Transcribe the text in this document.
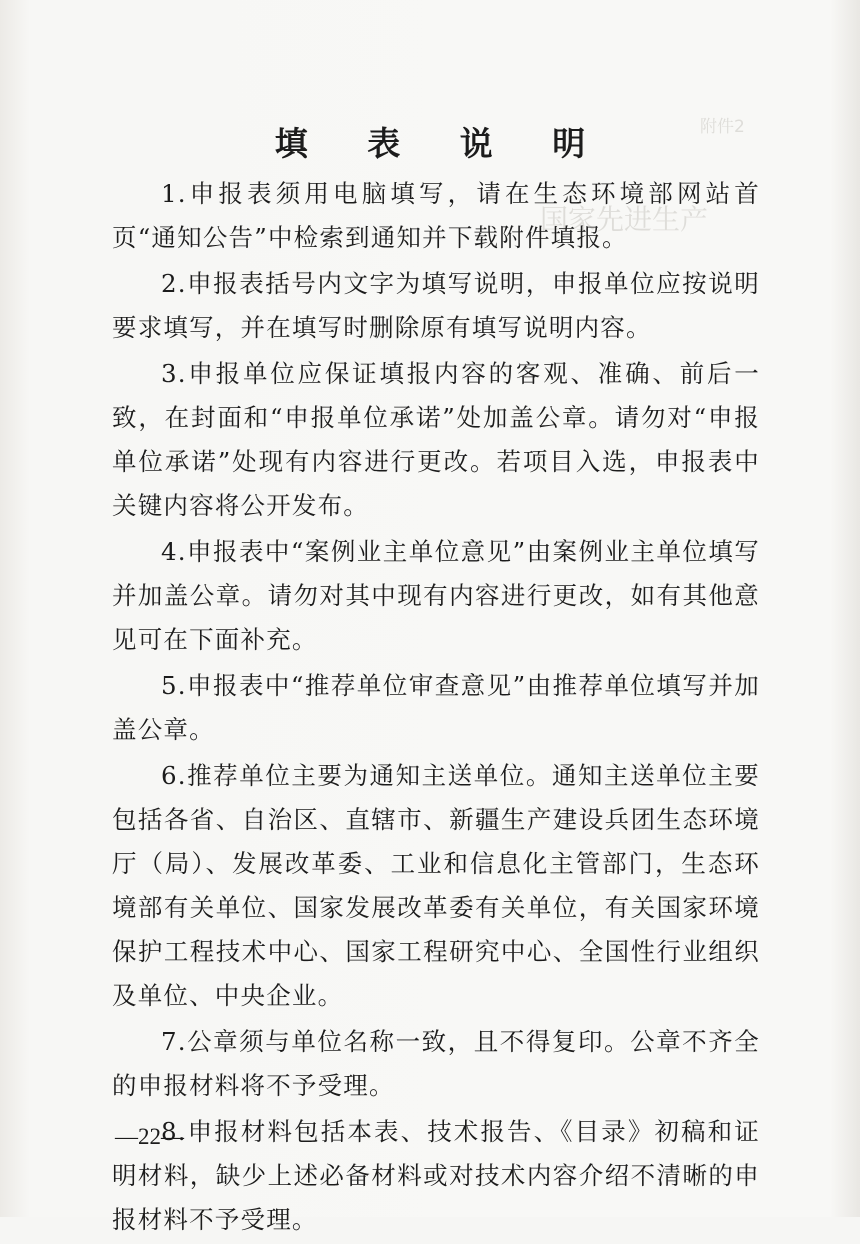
附件2
国家先进生产
填 表 说 明

1.申报表须用电脑填写，请在生态环境部网站首页“通知公告”中检索到通知并下载附件填报。

2.申报表括号内文字为填写说明，申报单位应按说明要求填写，并在填写时删除原有填写说明内容。

3.申报单位应保证填报内容的客观、准确、前后一致，在封面和“申报单位承诺”处加盖公章。请勿对“申报单位承诺”处现有内容进行更改。若项目入选，申报表中关键内容将公开发布。

4.申报表中“案例业主单位意见”由案例业主单位填写并加盖公章。请勿对其中现有内容进行更改，如有其他意见可在下面补充。

5.申报表中“推荐单位审查意见”由推荐单位填写并加盖公章。

6.推荐单位主要为通知主送单位。通知主送单位主要包括各省、自治区、直辖市、新疆生产建设兵团生态环境厅（局）、发展改革委、工业和信息化主管部门，生态环境部有关单位、国家发展改革委有关单位，有关国家环境保护工程技术中心、国家工程研究中心、全国性行业组织及单位、中央企业。

7.公章须与单位名称一致，且不得复印。公章不齐全的申报材料将不予受理。

8.申报材料包括本表、技术报告、《目录》初稿和证明材料，缺少上述必备材料或对技术内容介绍不清晰的申报材料不予受理。

—22—
